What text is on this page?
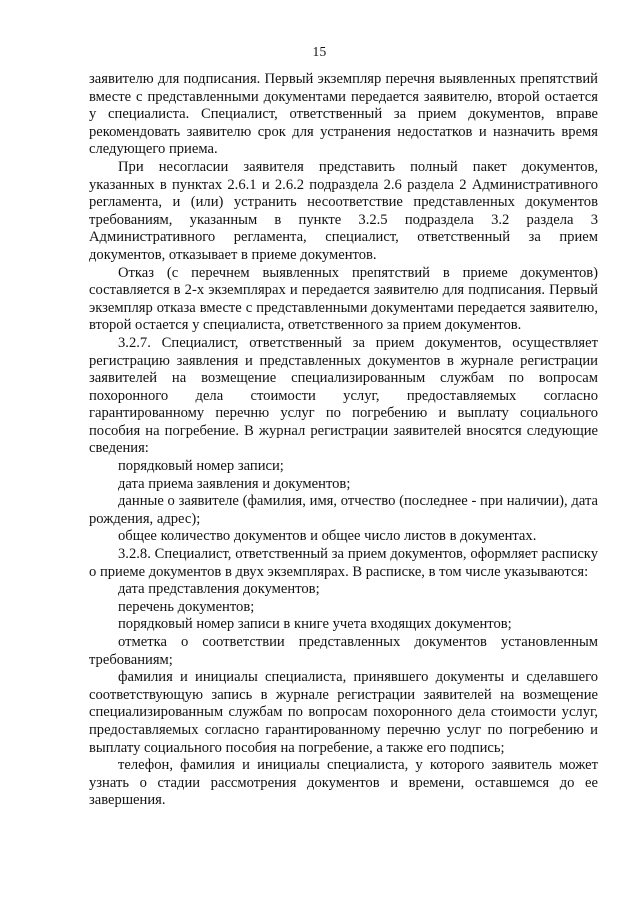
15

заявителю для подписания. Первый экземпляр перечня выявленных препятствий вместе с представленными документами передается заявителю, второй остается у специалиста. Специалист, ответственный за прием документов, вправе рекомендовать заявителю срок для устранения недостатков и назначить время следующего приема.

При несогласии заявителя представить полный пакет документов, указанных в пунктах 2.6.1 и 2.6.2 подраздела 2.6 раздела 2 Административного регламента, и (или) устранить несоответствие представленных документов требованиям, указанным в пункте 3.2.5 подраздела 3.2 раздела 3 Административного регламента, специалист, ответственный за прием документов, отказывает в приеме документов.

Отказ (с перечнем выявленных препятствий в приеме документов) составляется в 2-х экземплярах и передается заявителю для подписания. Первый экземпляр отказа вместе с представленными документами передается заявителю, второй остается у специалиста, ответственного за прием документов.

3.2.7. Специалист, ответственный за прием документов, осуществляет регистрацию заявления и представленных документов в журнале регистрации заявителей на возмещение специализированным службам по вопросам похоронного дела стоимости услуг, предоставляемых согласно гарантированному перечню услуг по погребению и выплату социального пособия на погребение. В журнал регистрации заявителей вносятся следующие сведения:

порядковый номер записи;

дата приема заявления и документов;

данные о заявителе (фамилия, имя, отчество (последнее - при наличии), дата рождения, адрес);

общее количество документов и общее число листов в документах.

3.2.8. Специалист, ответственный за прием документов, оформляет расписку о приеме документов в двух экземплярах. В расписке, в том числе указываются:

дата представления документов;

перечень документов;

порядковый номер записи в книге учета входящих документов;

отметка о соответствии представленных документов установленным требованиям;

фамилия и инициалы специалиста, принявшего документы и сделавшего соответствующую запись в журнале регистрации заявителей на возмещение специализированным службам по вопросам похоронного дела стоимости услуг, предоставляемых согласно гарантированному перечню услуг по погребению и выплату социального пособия на погребение, а также его подпись;

телефон, фамилия и инициалы специалиста, у которого заявитель может узнать о стадии рассмотрения документов и времени, оставшемся до ее завершения.
